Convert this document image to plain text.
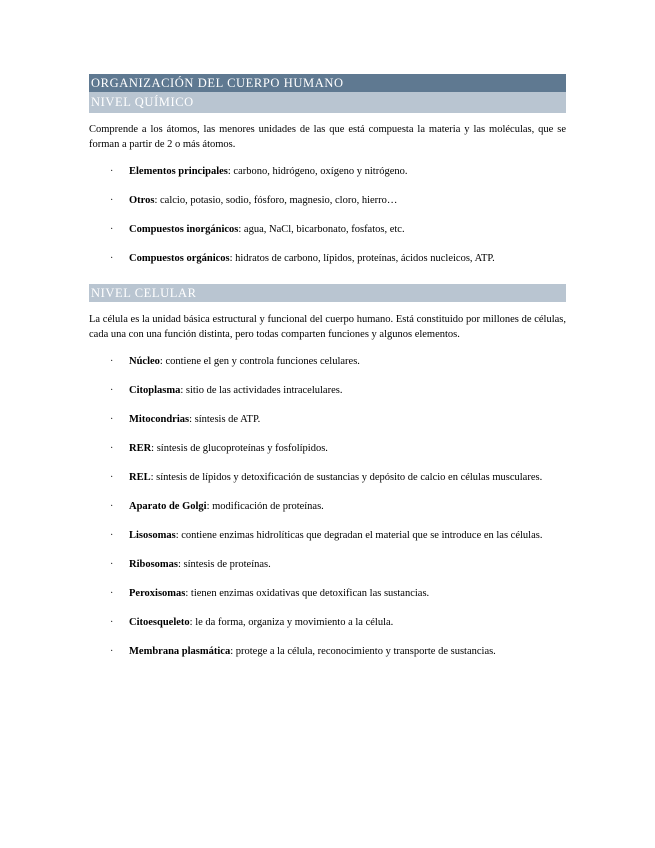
ORGANIZACIÓN DEL CUERPO HUMANO
NIVEL QUÍMICO

Comprende a los átomos, las menores unidades de las que está compuesta la materia y las moléculas, que se forman a partir de 2 o más átomos.

· Elementos principales: carbono, hidrógeno, oxígeno y nitrógeno.
· Otros: calcio, potasio, sodio, fósforo, magnesio, cloro, hierro…
· Compuestos inorgánicos: agua, NaCl, bicarbonato, fosfatos, etc.
· Compuestos orgánicos: hidratos de carbono, lípidos, proteínas, ácidos nucleicos, ATP.
NIVEL CELULAR

La célula es la unidad básica estructural y funcional del cuerpo humano. Está constituido por millones de células, cada una con una función distinta, pero todas comparten funciones y algunos elementos.

· Núcleo: contiene el gen y controla funciones celulares.
· Citoplasma: sitio de las actividades intracelulares.
· Mitocondrias: síntesis de ATP.
· RER: síntesis de glucoproteínas y fosfolípidos.
· REL: síntesis de lípidos y detoxificación de sustancias y depósito de calcio en células musculares.
· Aparato de Golgi: modificación de proteínas.
· Lisosomas: contiene enzimas hidrolíticas que degradan el material que se introduce en las células.
· Ribosomas: síntesis de proteínas.
· Peroxisomas: tienen enzimas oxidativas que detoxifican las sustancias.
· Citoesqueleto: le da forma, organiza y movimiento a la célula.
· Membrana plasmática: protege a la célula, reconocimiento y transporte de sustancias.
